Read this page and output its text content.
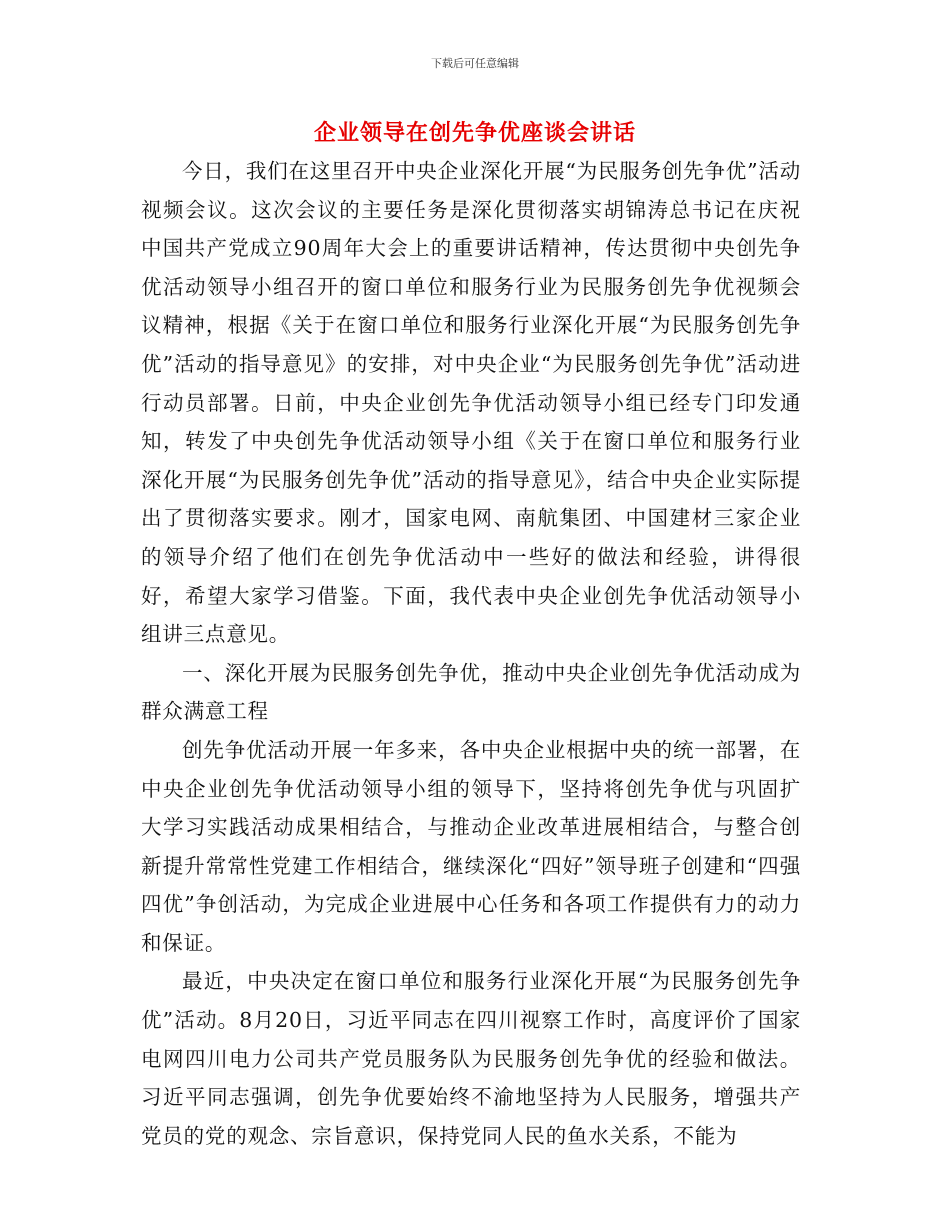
下载后可任意编辑
企业领导在创先争优座谈会讲话

今日，我们在这里召开中央企业深化开展“为民服务创先争优”活动视频会议。这次会议的主要任务是深化贯彻落实胡锦涛总书记在庆祝中国共产党成立90周年大会上的重要讲话精神，传达贯彻中央创先争优活动领导小组召开的窗口单位和服务行业为民服务创先争优视频会议精神，根据《关于在窗口单位和服务行业深化开展“为民服务创先争优”活动的指导意见》的安排，对中央企业“为民服务创先争优”活动进行动员部署。日前，中央企业创先争优活动领导小组已经专门印发通知，转发了中央创先争优活动领导小组《关于在窗口单位和服务行业深化开展“为民服务创先争优”活动的指导意见》，结合中央企业实际提出了贯彻落实要求。刚才，国家电网、南航集团、中国建材三家企业的领导介绍了他们在创先争优活动中一些好的做法和经验，讲得很好，希望大家学习借鉴。下面，我代表中央企业创先争优活动领导小组讲三点意见。

一、深化开展为民服务创先争优，推动中央企业创先争优活动成为群众满意工程

创先争优活动开展一年多来，各中央企业根据中央的统一部署，在中央企业创先争优活动领导小组的领导下，坚持将创先争优与巩固扩大学习实践活动成果相结合，与推动企业改革进展相结合，与整合创新提升常常性党建工作相结合，继续深化“四好”领导班子创建和“四强四优”争创活动，为完成企业进展中心任务和各项工作提供有力的动力和保证。

最近，中央决定在窗口单位和服务行业深化开展“为民服务创先争优”活动。8月20日，习近平同志在四川视察工作时，高度评价了国家电网四川电力公司共产党员服务队为民服务创先争优的经验和做法。习近平同志强调，创先争优要始终不渝地坚持为人民服务，增强共产党员的党的观念、宗旨意识，保持党同人民的鱼水关系，不能为
